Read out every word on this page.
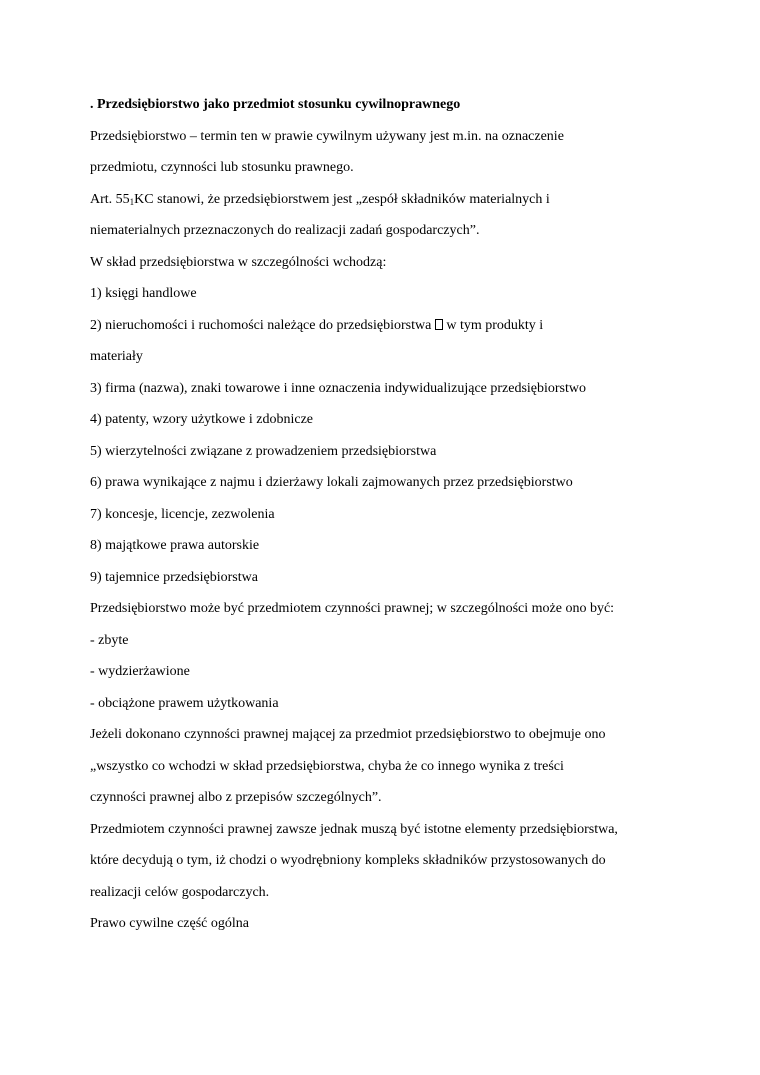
. Przedsiębiorstwo jako przedmiot stosunku cywilnoprawnego
Przedsiębiorstwo – termin ten w prawie cywilnym używany jest m.in. na oznaczenie
przedmiotu, czynności lub stosunku prawnego.
Art. $55_1KC$ stanowi, że przedsiębiorstwem jest „zespół składników materialnych i
niematerialnych przeznaczonych do realizacji zadań gospodarczych”.
W skład przedsiębiorstwa w szczególności wchodzą:
1) księgi handlowe
2) nieruchomości i ruchomości należące do przedsiębiorstwa w tym produkty i
materiały
3) firma (nazwa), znaki towarowe i inne oznaczenia indywidualizujące przedsiębiorstwo
4) patenty, wzory użytkowe i zdobnicze
5) wierzytelności związane z prowadzeniem przedsiębiorstwa
6) prawa wynikające z najmu i dzierżawy lokali zajmowanych przez przedsiębiorstwo
7) koncesje, licencje, zezwolenia
8) majątkowe prawa autorskie
9) tajemnice przedsiębiorstwa
Przedsiębiorstwo może być przedmiotem czynności prawnej; w szczególności może ono być:
- zbyte
- wydzierżawione
- obciążone prawem użytkowania
Jeżeli dokonano czynności prawnej mającej za przedmiot przedsiębiorstwo to obejmuje ono
„wszystko co wchodzi w skład przedsiębiorstwa, chyba że co innego wynika z treści
czynności prawnej albo z przepisów szczególnych”.
Przedmiotem czynności prawnej zawsze jednak muszą być istotne elementy przedsiębiorstwa,
które decydują o tym, iż chodzi o wyodrębniony kompleks składników przystosowanych do
realizacji celów gospodarczych.
Prawo cywilne część ogólna
